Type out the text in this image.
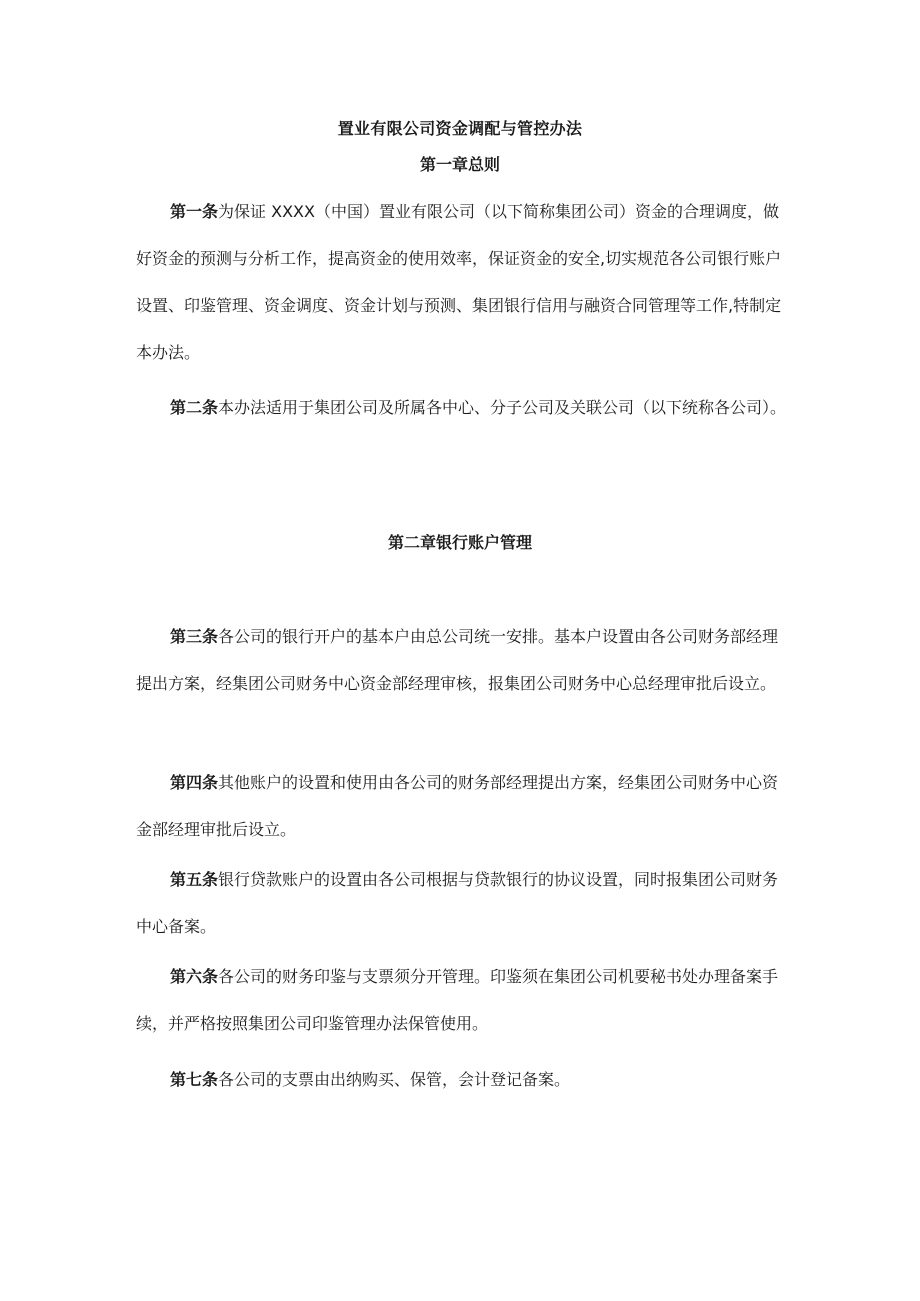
置业有限公司资金调配与管控办法
第一章总则

第一条为保证 XXXX（中国）置业有限公司（以下简称集团公司）资金的合理调度，做好资金的预测与分析工作，提高资金的使用效率，保证资金的安全,切实规范各公司银行账户设置、印鉴管理、资金调度、资金计划与预测、集团银行信用与融资合同管理等工作,特制定本办法。

第二条本办法适用于集团公司及所属各中心、分子公司及关联公司（以下统称各公司）。

第二章银行账户管理

第三条各公司的银行开户的基本户由总公司统一安排。基本户设置由各公司财务部经理提出方案，经集团公司财务中心资金部经理审核，报集团公司财务中心总经理审批后设立。

第四条其他账户的设置和使用由各公司的财务部经理提出方案，经集团公司财务中心资金部经理审批后设立。

第五条银行贷款账户的设置由各公司根据与贷款银行的协议设置，同时报集团公司财务中心备案。

第六条各公司的财务印鉴与支票须分开管理。印鉴须在集团公司机要秘书处办理备案手续，并严格按照集团公司印鉴管理办法保管使用。

第七条各公司的支票由出纳购买、保管，会计登记备案。
